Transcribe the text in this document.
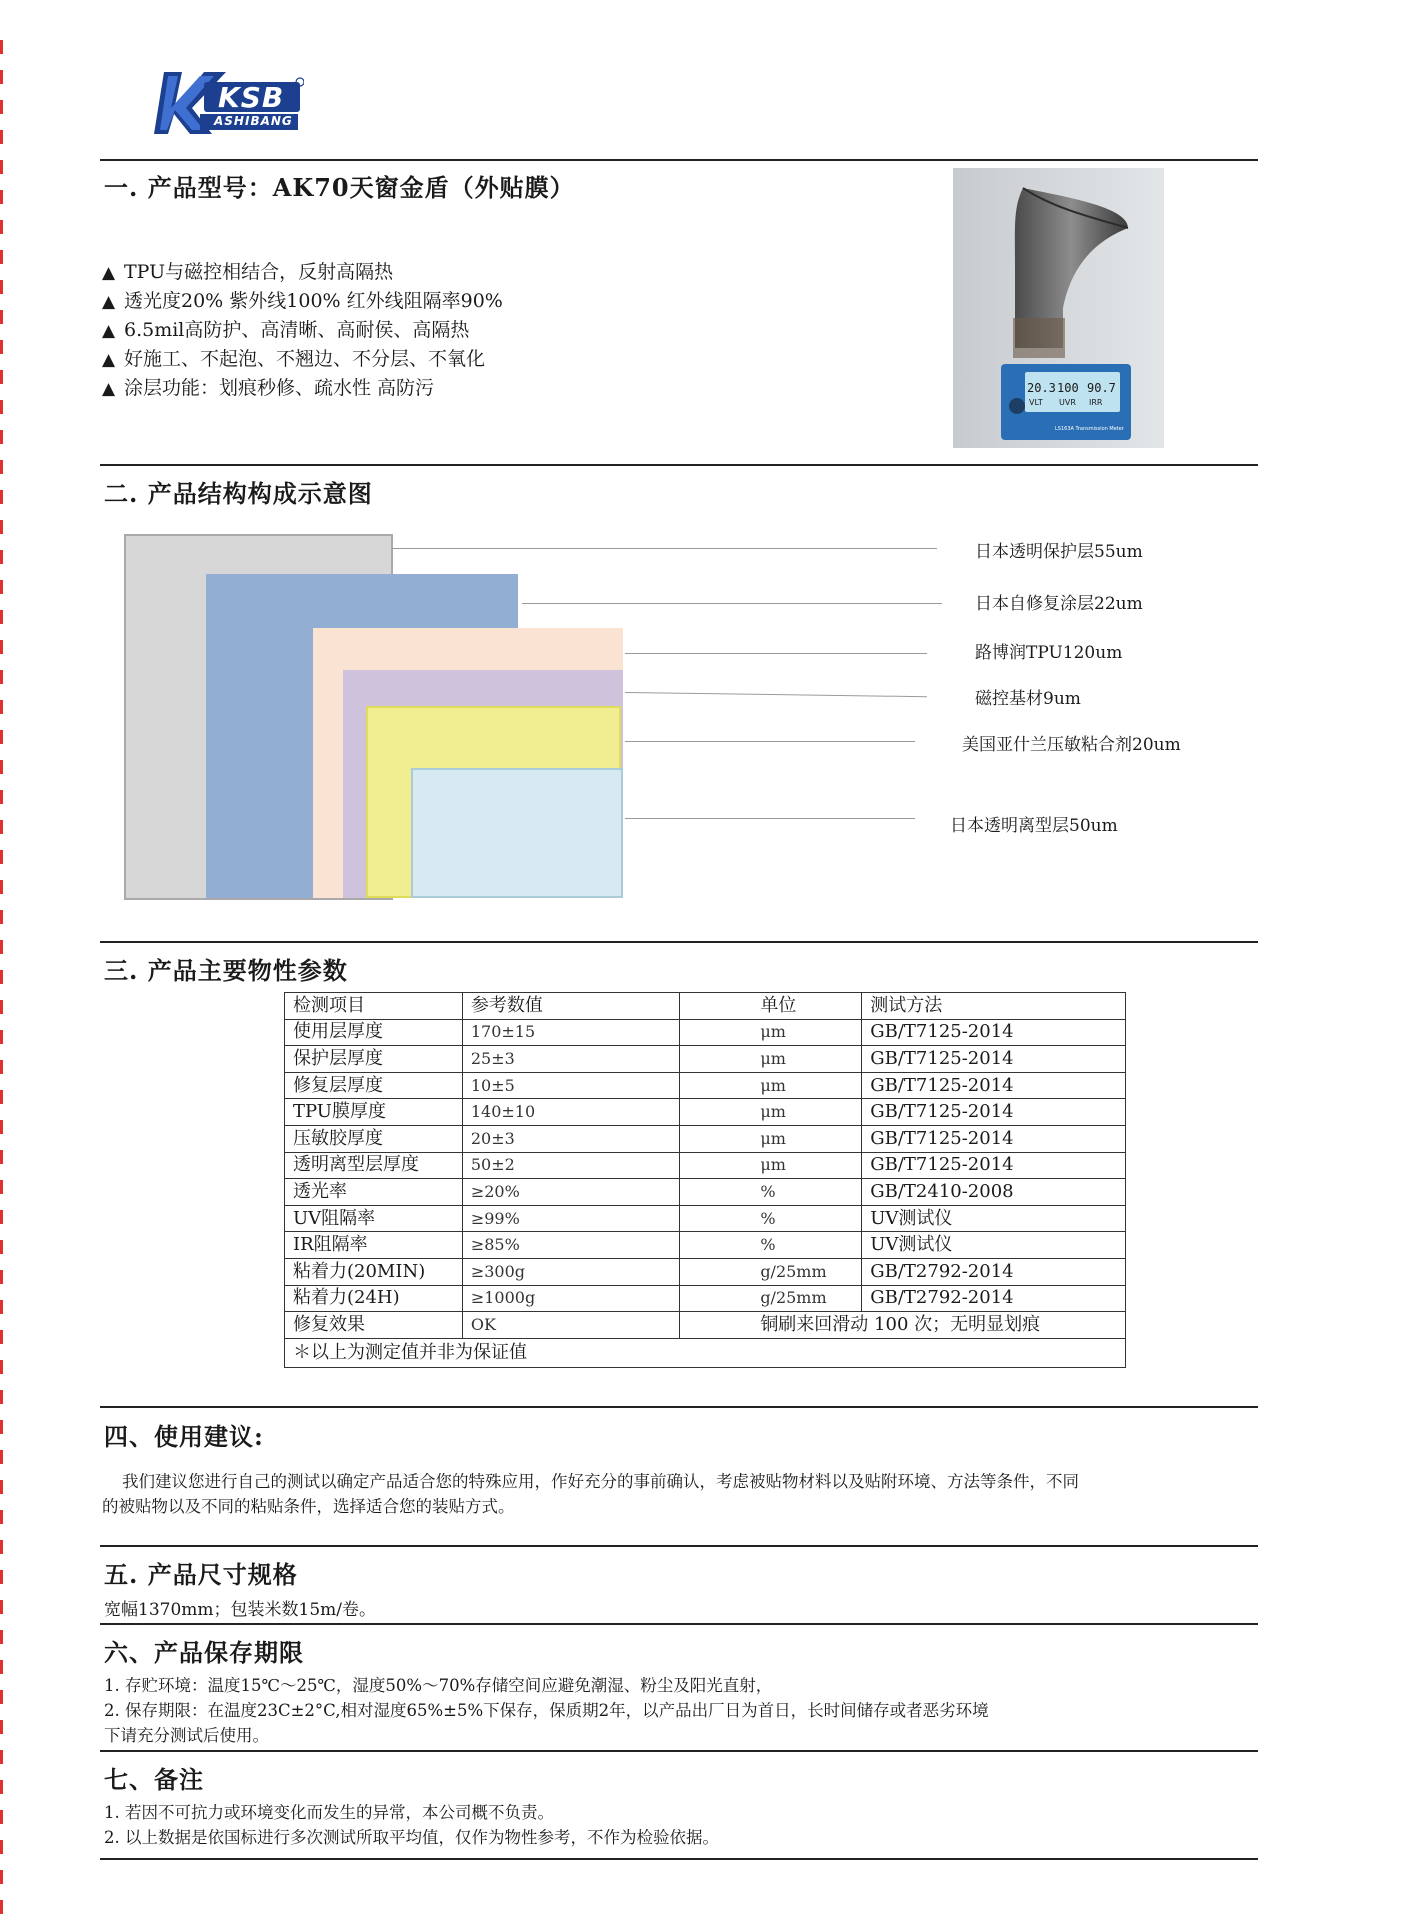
KSB
ASHIBANG
一. 产品型号：AK70天窗金盾（外贴膜）
▲ TPU与磁控相结合，反射高隔热
▲ 透光度20% 紫外线100% 红外线阻隔率90%
▲ 6.5mil高防护、高清晰、高耐侯、高隔热
▲ 好施工、不起泡、不翘边、不分层、不氧化
▲ 涂层功能：划痕秒修、疏水性 高防污	20.3 100 90.7
VLT UVR IRR
LS163A Transmission Meter
二. 产品结构构成示意图
日本透明保护层55um
日本自修复涂层22um
路博润TPU120um
磁控基材9um
美国亚什兰压敏粘合剂20um
日本透明离型层50um
三. 产品主要物性参数
检测项目	参考数值	单位	测试方法
使用层厚度	170±15	μm	GB/T7125-2014
保护层厚度	25±3	μm	GB/T7125-2014
修复层厚度	10±5	μm	GB/T7125-2014
TPU膜厚度	140±10	μm	GB/T7125-2014
压敏胶厚度	20±3	μm	GB/T7125-2014
透明离型层厚度	50±2	μm	GB/T7125-2014
透光率	≥20%	%	GB/T2410-2008
UV阻隔率	≥99%	%	UV测试仪
IR阻隔率	≥85%	%	UV测试仪
粘着力(20MIN)	≥300g	g/25mm	GB/T2792-2014
粘着力(24H)	≥1000g	g/25mm	GB/T2792-2014
修复效果	OK	铜刷来回滑动 100 次；无明显划痕	
＊以上为测定值并非为保证值			
四、使用建议:
我们建议您进行自己的测试以确定产品适合您的特殊应用，作好充分的事前确认，考虑被贴物材料以及贴附环境、方法等条件，不同
的被贴物以及不同的粘贴条件，选择适合您的装贴方式。
五. 产品尺寸规格
宽幅1370mm；包装米数15m/卷。
六、产品保存期限
1. 存贮环境：温度15℃～25℃，湿度50%～70%存储空间应避免潮湿、粉尘及阳光直射，
2. 保存期限：在温度23C±2°C,相对湿度65%±5%下保存，保质期2年，以产品出厂日为首日，长时间储存或者恶劣环境
下请充分测试后使用。
七、备注
1. 若因不可抗力或环境变化而发生的异常，本公司概不负责。
2. 以上数据是依国标进行多次测试所取平均值，仅作为物性参考，不作为检验依据。
